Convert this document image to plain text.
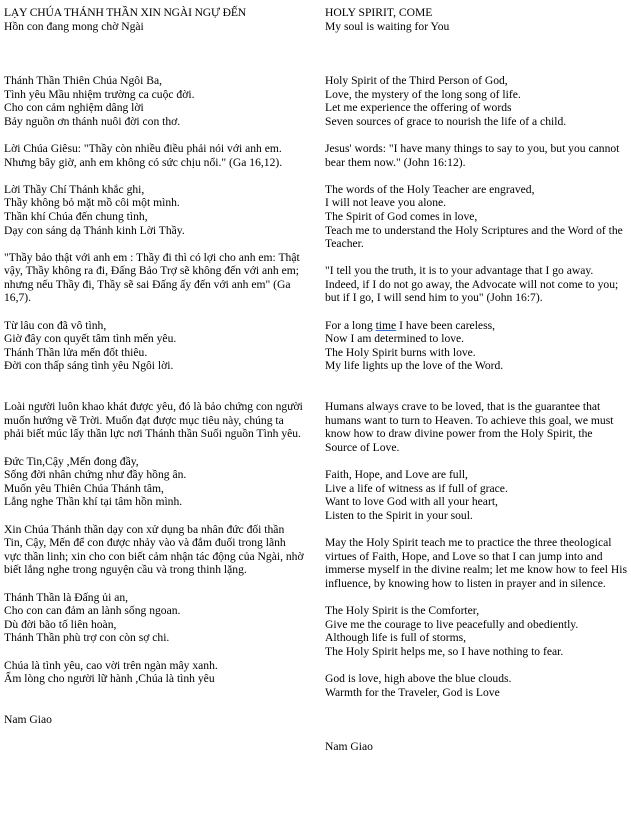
LẠY CHÚA THÁNH THẦN XIN NGÀI NGỰ ĐẾN
Hồn con đang mong chờ Ngài
Thánh Thần Thiên Chúa Ngôi Ba,
Tình yêu Mầu nhiệm trường ca cuộc đời.
Cho con cảm nghiệm dâng lời
Bảy nguồn ơn thánh nuôi đời con thơ.
Lời Chúa Giêsu: "Thầy còn nhiều điều phải nói với anh em. Nhưng bây giờ, anh em không có sức chịu nổi." (Ga 16,12).
Lời Thầy Chí Thánh khắc ghi,
Thầy không bỏ mặt mồ côi một mình.
Thần khí Chúa đến chung tình,
Dạy con sáng dạ Thánh kinh Lời Thầy.
"Thầy bảo thật với anh em : Thầy đi thì có lợi cho anh em: Thật vậy, Thầy không ra đi, Đấng Bảo Trợ sẽ không đến với anh em; nhưng nếu Thầy đi, Thầy sẽ sai Đấng ấy đến với anh em" (Ga 16,7).
Từ lâu con đã vô tình,
Giờ đây con quyết tâm tình mến yêu.
Thánh Thần lửa mến đốt thiêu.
Đời con thấp sáng tình yêu Ngôi lời.
Loài người luôn khao khát được yêu, đó là bảo chứng con người muốn hướng về Trời. Muốn đạt được mục tiêu này, chúng ta phải biết múc lấy thần lực nơi Thánh thần Suối nguồn Tình yêu.
Đức Tin,Cậy ,Mến đong đầy,
Sống đời nhân chứng như đầy hồng ân.
Muốn yêu Thiên Chúa Thánh tâm,
Lắng nghe Thần khí tại tâm hồn mình.
Xin Chúa Thánh thần dạy con xử dụng ba nhân đức đối thần Tin, Cậy, Mến để con được nhảy vào và đắm đuối trong lãnh vực thần linh; xin cho con biết cảm nhận tác động của Ngài, nhờ biết lắng nghe trong nguyện cầu và trong thinh lặng.
Thánh Thần là Đấng ủi an,
Cho con can đảm an lành sống ngoan.
Dù đời bão tố liên hoàn,
Thánh Thần phù trợ con còn sợ chi.
Chúa là tình yêu, cao vời trên ngàn mây xanh.
Ấm lòng cho người lữ hành ,Chúa là tình yêu
Nam Giao
HOLY SPIRIT, COME
My soul is waiting for You
Holy Spirit of the Third Person of God,
Love, the mystery of the long song of life.
Let me experience the offering of words
Seven sources of grace to nourish the life of a child.
Jesus' words: "I have many things to say to you, but you cannot bear them now." (John 16:12).
The words of the Holy Teacher are engraved,
I will not leave you alone.
The Spirit of God comes in love,
Teach me to understand the Holy Scriptures and the Word of the Teacher.
"I tell you the truth, it is to your advantage that I go away. Indeed, if I do not go away, the Advocate will not come to you; but if I go, I will send him to you" (John 16:7).
For a long time I have been careless,
Now I am determined to love.
The Holy Spirit burns with love.
My life lights up the love of the Word.
Humans always crave to be loved, that is the guarantee that humans want to turn to Heaven. To achieve this goal, we must know how to draw divine power from the Holy Spirit, the Source of Love.
Faith, Hope, and Love are full,
Live a life of witness as if full of grace.
Want to love God with all your heart,
Listen to the Spirit in your soul.
May the Holy Spirit teach me to practice the three theological virtues of Faith, Hope, and Love so that I can jump into and immerse myself in the divine realm; let me know how to feel His influence, by knowing how to listen in prayer and in silence.
The Holy Spirit is the Comforter,
Give me the courage to live peacefully and obediently.
Although life is full of storms,
The Holy Spirit helps me, so I have nothing to fear.
God is love, high above the blue clouds.
Warmth for the Traveler, God is Love
Nam Giao
